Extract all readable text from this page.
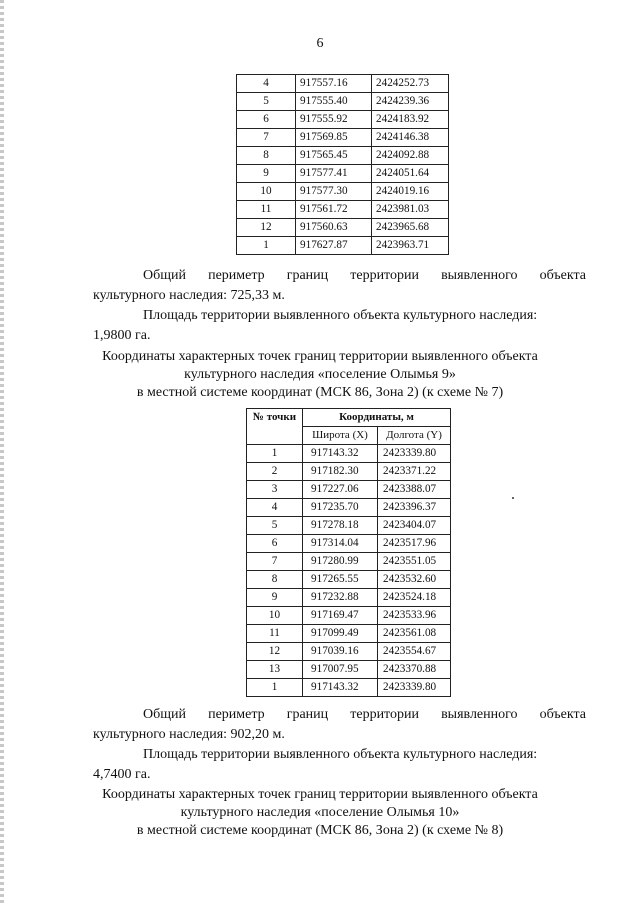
6
4	917557.16	2424252.73
5	917555.40	2424239.36
6	917555.92	2424183.92
7	917569.85	2424146.38
8	917565.45	2424092.88
9	917577.41	2424051.64
10	917577.30	2424019.16
11	917561.72	2423981.03
12	917560.63	2423965.68
1	917627.87	2423963.71
Общий периметр границ территории выявленного объекта
культурного наследия: 725,33 м.
Площадь территории выявленного объекта культурного наследия:
1,9800 га.
Координаты характерных точек границ территории выявленного объекта
культурного наследия «поселение Олымья 9»
в местной системе координат (МСК 86, Зона 2) (к схеме № 7)
№ точки	Координаты, м	
	Широта (X)	Долгота (Y)
1	917143.32	2423339.80
2	917182.30	2423371.22
3	917227.06	2423388.07
4	917235.70	2423396.37
5	917278.18	2423404.07
6	917314.04	2423517.96
7	917280.99	2423551.05
8	917265.55	2423532.60
9	917232.88	2423524.18
10	917169.47	2423533.96
11	917099.49	2423561.08
12	917039.16	2423554.67
13	917007.95	2423370.88
1	917143.32	2423339.80
Общий периметр границ территории выявленного объекта
культурного наследия: 902,20 м.
Площадь территории выявленного объекта культурного наследия:
4,7400 га.
Координаты характерных точек границ территории выявленного объекта
культурного наследия «поселение Олымья 10»
в местной системе координат (МСК 86, Зона 2) (к схеме № 8)
